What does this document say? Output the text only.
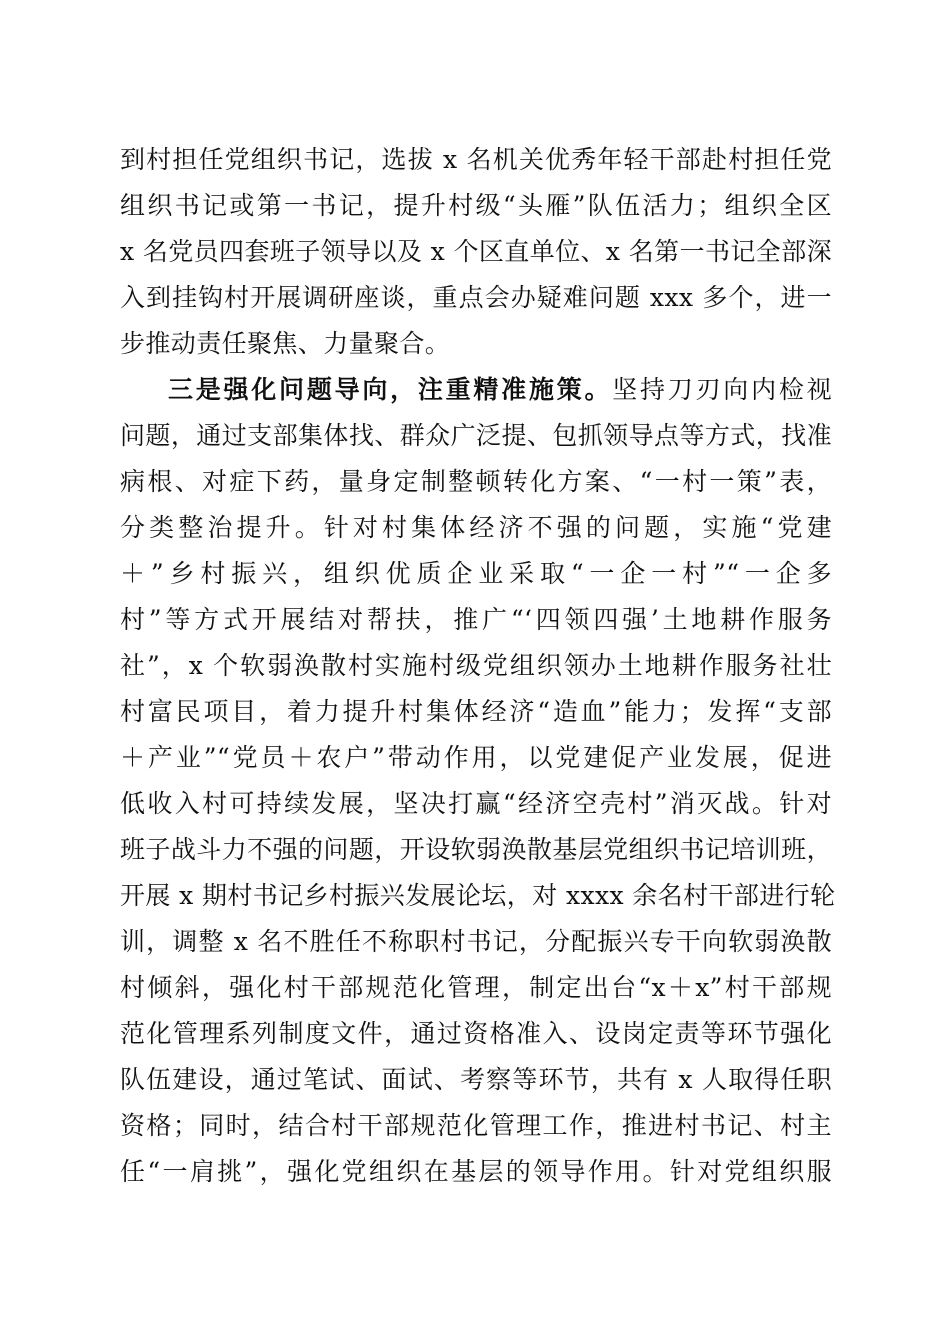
到村担任党组织书记，选拔 x 名机关优秀年轻干部赴村担任党
组织书记或第一书记，提升村级“头雁”队伍活力；组织全区
x 名党员四套班子领导以及 x 个区直单位、x 名第一书记全部深
入到挂钩村开展调研座谈，重点会办疑难问题 xxx 多个，进一
步推动责任聚焦、力量聚合。
三是强化问题导向，注重精准施策。坚持刀刃向内检视
问题，通过支部集体找、群众广泛提、包抓领导点等方式，找准
病根、对症下药，量身定制整顿转化方案、“一村一策”表，
分类整治提升。针对村集体经济不强的问题，实施“党建
＋”乡村振兴，组织优质企业采取“一企一村”“一企多
村”等方式开展结对帮扶，推广“‘四领四强’土地耕作服务
社”，x 个软弱涣散村实施村级党组织领办土地耕作服务社壮
村富民项目，着力提升村集体经济“造血”能力；发挥“支部
＋产业”“党员＋农户”带动作用，以党建促产业发展，促进
低收入村可持续发展，坚决打赢“经济空壳村”消灭战。针对
班子战斗力不强的问题，开设软弱涣散基层党组织书记培训班，
开展 x 期村书记乡村振兴发展论坛，对 xxxx 余名村干部进行轮
训，调整 x 名不胜任不称职村书记，分配振兴专干向软弱涣散
村倾斜，强化村干部规范化管理，制定出台“x＋x”村干部规
范化管理系列制度文件，通过资格准入、设岗定责等环节强化
队伍建设，通过笔试、面试、考察等环节，共有 x 人取得任职
资格；同时，结合村干部规范化管理工作，推进村书记、村主
任“一肩挑”，强化党组织在基层的领导作用。针对党组织服
